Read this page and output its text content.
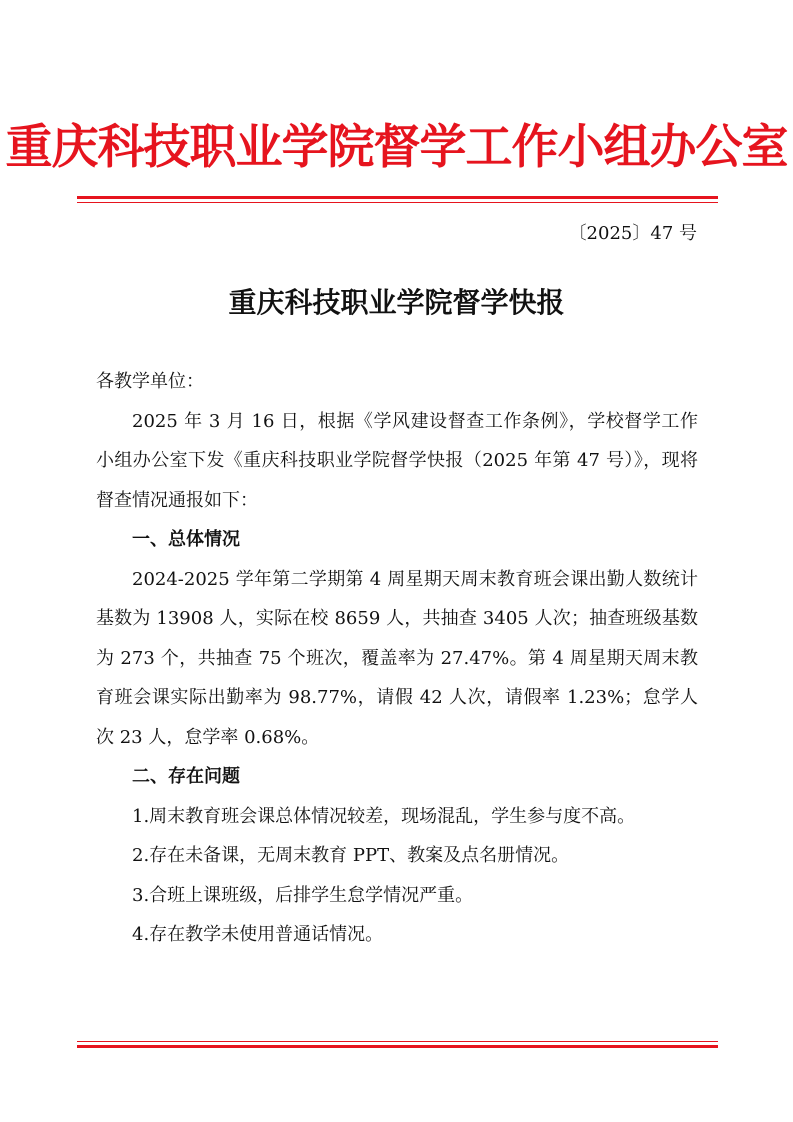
重庆科技职业学院督学工作小组办公室
〔2025〕47 号
重庆科技职业学院督学快报

各教学单位：

2025 年 3 月 16 日，根据《学风建设督查工作条例》，学校督学工作小组办公室下发《重庆科技职业学院督学快报（2025 年第 47 号）》，现将督查情况通报如下：

一、总体情况

2024-2025 学年第二学期第 4 周星期天周末教育班会课出勤人数统计基数为 13908 人，实际在校 8659 人，共抽查 3405 人次；抽查班级基数为 273 个，共抽查 75 个班次，覆盖率为 27.47%。第 4 周星期天周末教育班会课实际出勤率为 98.77%，请假 42 人次，请假率 1.23%；怠学人次 23 人，怠学率 0.68%。

二、存在问题

1.周末教育班会课总体情况较差，现场混乱，学生参与度不高。

2.存在未备课，无周末教育 PPT、教案及点名册情况。

3.合班上课班级，后排学生怠学情况严重。

4.存在教学未使用普通话情况。
